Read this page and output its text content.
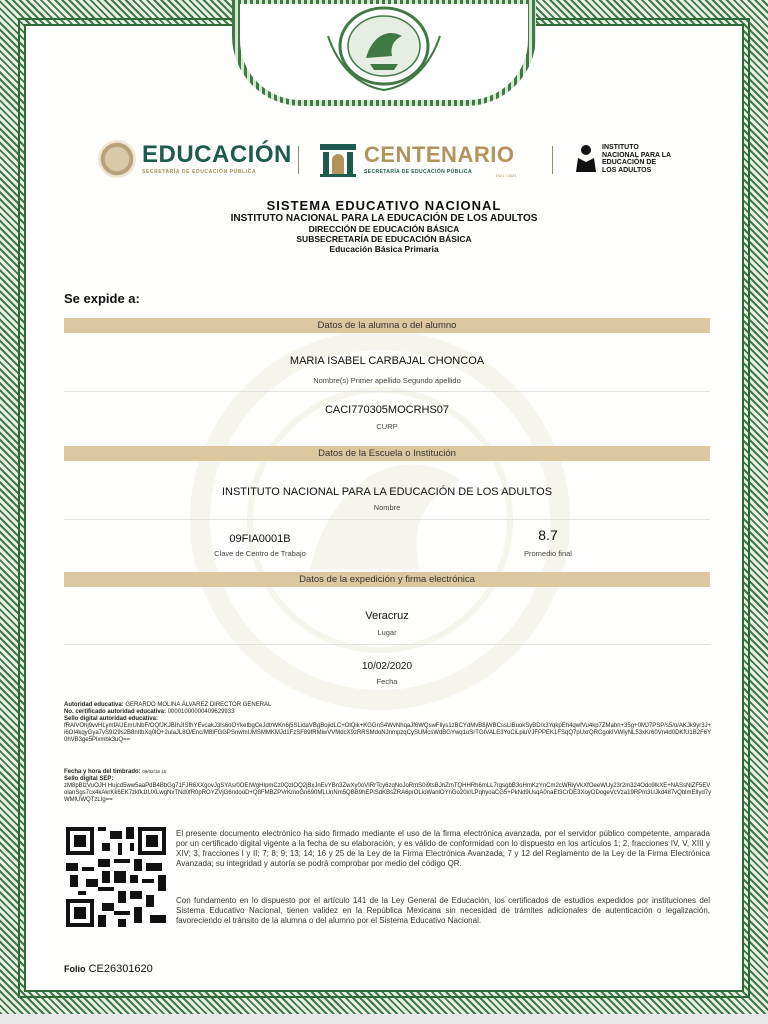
EDUCACIÓN
SECRETARÍA DE EDUCACIÓN PÚBLICA
CENTENARIO
SECRETARÍA DE EDUCACIÓN PÚBLICA
1921 / 2021
INSTITUTO NACIONAL PARA LA EDUCACIÓN DE LOS ADULTOS
SISTEMA EDUCATIVO NACIONAL
INSTITUTO NACIONAL PARA LA EDUCACIÓN DE LOS ADULTOS
DIRECCIÓN DE EDUCACIÓN BÁSICA
SUBSECRETARÍA DE EDUCACIÓN BÁSICA
Educación Básica Primaria
Se expide a:
Datos de la alumna o del alumno
MARIA ISABEL CARBAJAL CHONCOA
Nombre(s) Primer apellido Segundo apellido
CACI770305MOCRHS07
CURP
Datos de la Escuela o Institución
INSTITUTO NACIONAL PARA LA EDUCACIÓN DE LOS ADULTOS
Nombre
09FIA0001B
Clave de Centro de Trabajo
8.7
Promedio final
Datos de la expedición y firma electrónica
Veracruz
Lugar
10/02/2020
Fecha
Autoridad educativa: GERARDO MOLINA ÁLVAREZ DIRECTOR GENERAL
No. certificado autoridad educativa: 00001000000409629933
Sello digital autoridad educativa:
fRAlVOhj9vvHLymfAUEmUNbF/OQfJKJBIhJISfhYEvcakJ3Is6oOYketbgCeJdtrWKn6j5SLidaVBgBojidLC+OlQik+KGGnS4WvNhqaJf6WQswFliys1zBCYdMvB8jWBCssLlBuokSyBD/x3YqkpEh4qwfVu4kp7ZMabn+35g+0MJ7PSP/s5/o/AKJk9yr3J+i6OI4kqyGya7vS9I29s2B8nItbXq0lO+2ulaJL8O/Enc/M8IFGGPSnwmUMSMMKMJd1FzSF89fRMiwVVMdcX9zRRSMdoNJnmpzqCySUMcsWdBGYwq1uSrTGIVALE3YoCiLpiuVJFPPEK1FSqQ7pUxrQRCgokIVWlyNL53xKr60Vn4d0DKfU1B2F6Y0hVB3ge5Plxmbk3uQ==
Fecha y hora del timbrado: 09/02/18 15
Sello digital SEP:
zM8pBlzVuOJH Hujcd5ww5aaPdB4BbGg71FJR6XXgovJgSYAs/0OEIWgHIpmCz0QzIOQ2jBxJnEvYBn3ZwXy0oVIRrTcy6zqNoJoRmS0i9tsBJnZmTQHHRh6mLL7rgsgbB3oHmKzYnCm2cWRiyVkXfOeeWUy23r2m324Odo9lkXE+NASsNlZF5EVolanSgs7cx4kAkrKk6EK7zkfk1tUXLwgNxTNd0fR0pROYZVjG6ndooD+Q8FMBZPVrKmoGn690MLUnNm5QBB9hEPiSdKBsZRA6prOLloWanlOYnGo20i//LPqhyoaCG5+PkNd9UsqA0naEt3CrDE3XoyODogeVcVza19RPm3UJkd487vQblmElIyd7yWMlUWQTzLIg==
El presente documento electrónico ha sido firmado mediante el uso de la firma electrónica avanzada, por el servidor público competente, amparada por un certificado digital vigente a la fecha de su elaboración, y es válido de conformidad con lo dispuesto en los artículos 1; 2, fracciones IV, V, XIII y XIV; 3, fracciones I y II; 7; 8; 9; 13; 14; 16 y 25 de la Ley de la Firma Electrónica Avanzada; 7 y 12 del Reglamento de la Ley de la Firma Electrónica Avanzada; su integridad y autoría se podrá comprobar por medio del código QR.
Con fundamento en lo dispuesto por el artículo 141 de la Ley General de Educación, los certificados de estudios expedidos por instituciones del Sistema Educativo Nacional, tienen validez en la República Mexicana sin necesidad de trámites adicionales de autenticación o legalización, favoreciendo el tránsito de la alumna o del alumno por el Sistema Educativo Nacional.
Folio CE26301620
